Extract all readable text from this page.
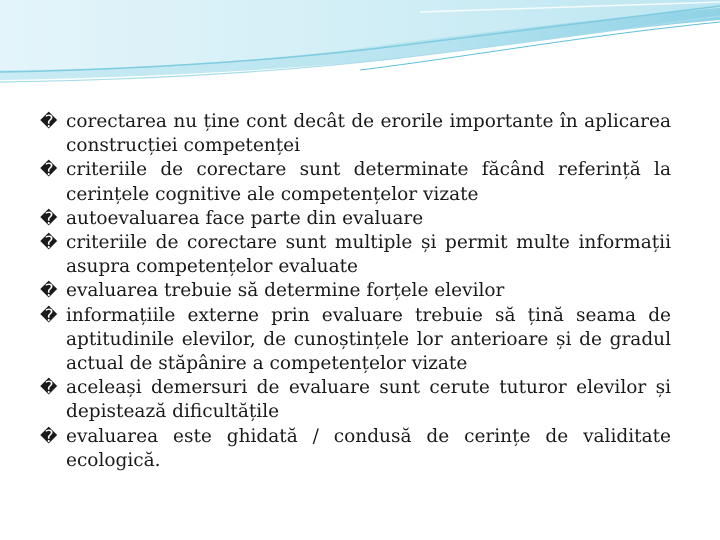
� corectarea nu ține cont decât de erorile importante în aplicarea construcției competenței
� criteriile de corectare sunt determinate făcând referință la cerințele cognitive ale competențelor vizate
� autoevaluarea face parte din evaluare
� criteriile de corectare sunt multiple și permit multe informații asupra competențelor evaluate
� evaluarea trebuie să determine forțele elevilor
� informațiile externe prin evaluare trebuie să țină seama de aptitudinile elevilor, de cunoștințele lor anterioare și de gradul actual de stăpânire a competențelor vizate
� aceleași demersuri de evaluare sunt cerute tuturor elevilor și depistează dificultățile
� evaluarea este ghidată / condusă de cerințe de validitate ecologică.
